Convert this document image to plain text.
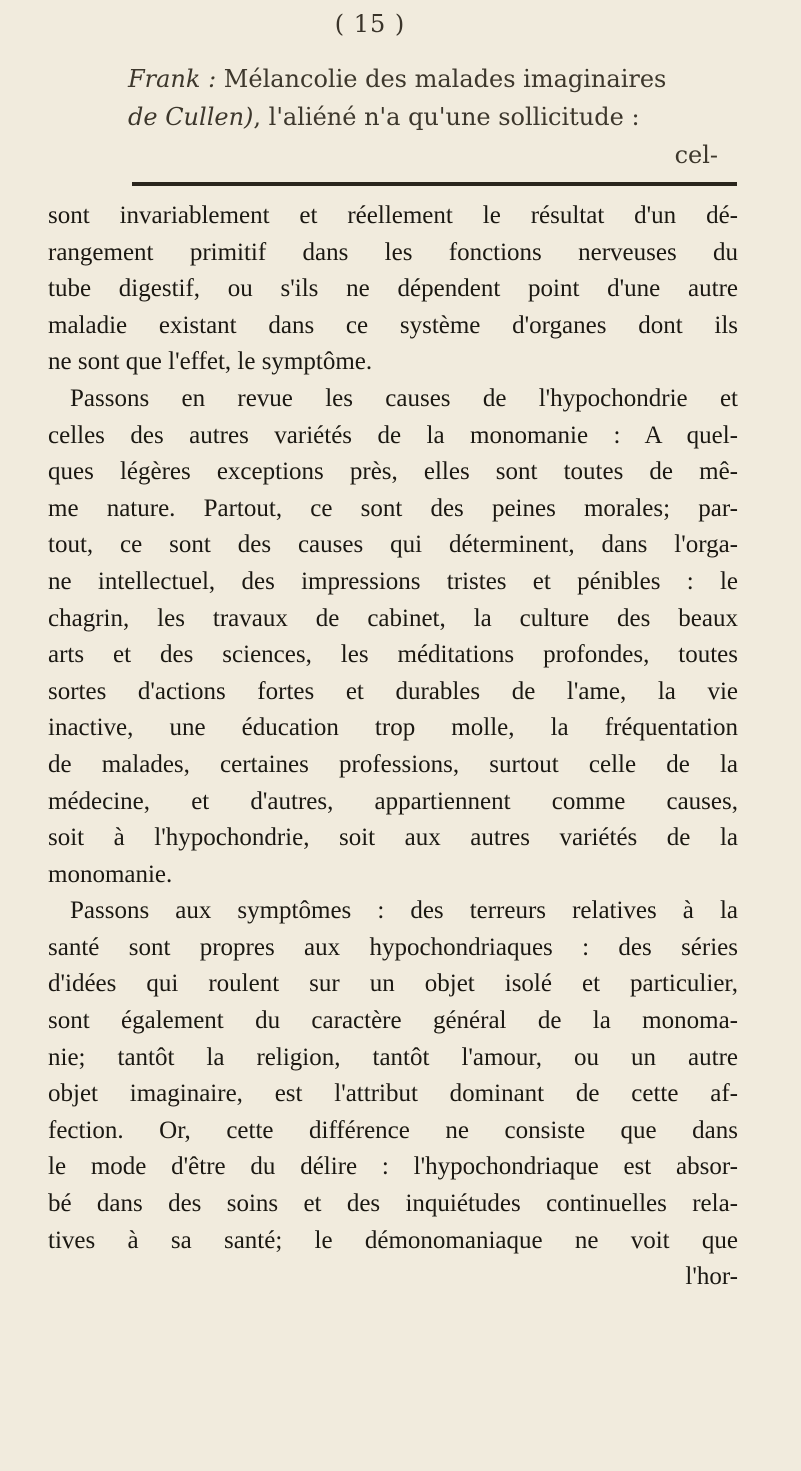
( 15 )
Frank : Mélancolie des malades imaginaires
de Cullen), l'aliéné n'a qu'une sollicitude :
cel-
sont invariablement et réellement le résultat d'un dé-
rangement primitif dans les fonctions nerveuses du
tube digestif, ou s'ils ne dépendent point d'une autre
maladie existant dans ce système d'organes dont ils
ne sont que l'effet, le symptôme.
Passons en revue les causes de l'hypochondrie et
celles des autres variétés de la monomanie : A quel-
ques légères exceptions près, elles sont toutes de mê-
me nature. Partout, ce sont des peines morales; par-
tout, ce sont des causes qui déterminent, dans l'orga-
ne intellectuel, des impressions tristes et pénibles : le
chagrin, les travaux de cabinet, la culture des beaux
arts et des sciences, les méditations profondes, toutes
sortes d'actions fortes et durables de l'ame, la vie
inactive, une éducation trop molle, la fréquentation
de malades, certaines professions, surtout celle de la
médecine, et d'autres, appartiennent comme causes,
soit à l'hypochondrie, soit aux autres variétés de la
monomanie.
Passons aux symptômes : des terreurs relatives à la
santé sont propres aux hypochondriaques : des séries
d'idées qui roulent sur un objet isolé et particulier,
sont également du caractère général de la monoma-
nie; tantôt la religion, tantôt l'amour, ou un autre
objet imaginaire, est l'attribut dominant de cette af-
fection. Or, cette différence ne consiste que dans
le mode d'être du délire : l'hypochondriaque est absor-
bé dans des soins et des inquiétudes continuelles rela-
tives à sa santé; le démonomaniaque ne voit que
l'hor-
